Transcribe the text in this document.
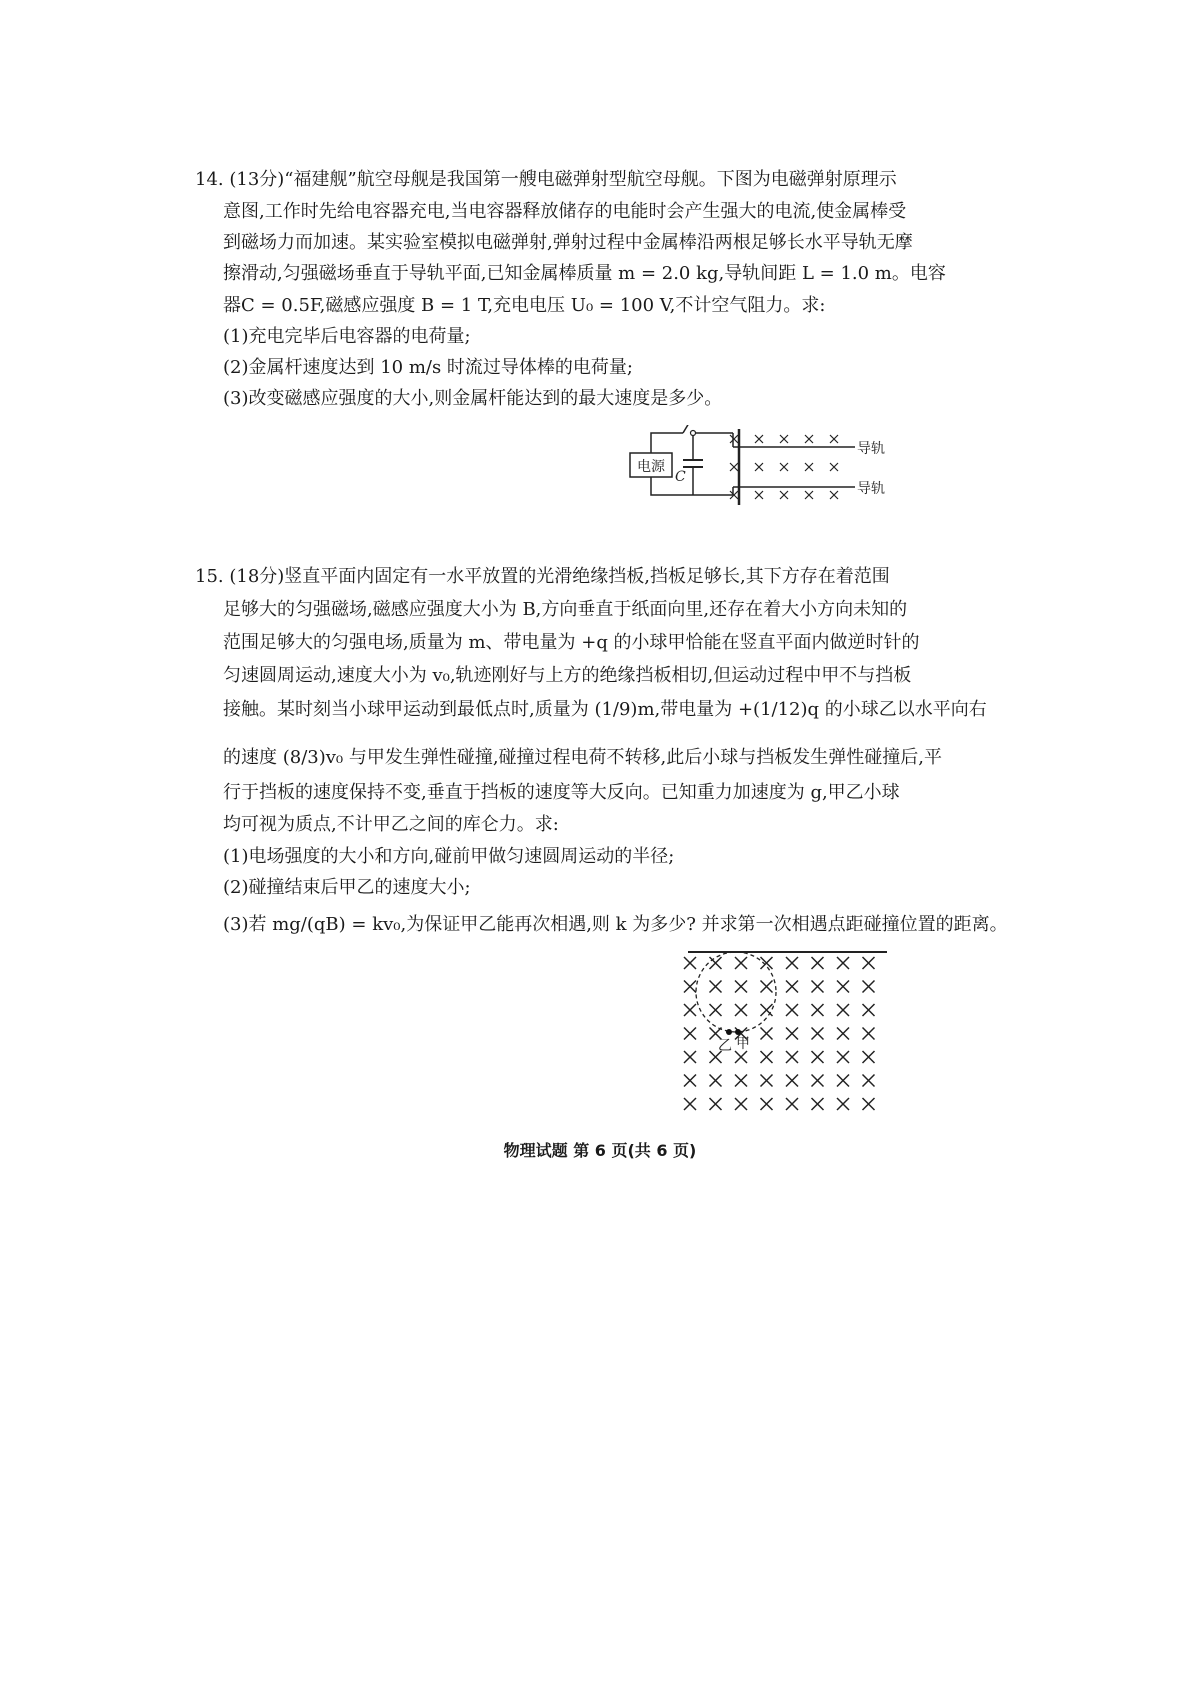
14. (13分)“福建舰”航空母舰是我国第一艘电磁弹射型航空母舰。下图为电磁弹射原理示
意图,工作时先给电容器充电,当电容器释放储存的电能时会产生强大的电流,使金属棒受
到磁场力而加速。某实验室模拟电磁弹射,弹射过程中金属棒沿两根足够长水平导轨无摩
擦滑动,匀强磁场垂直于导轨平面,已知金属棒质量 m = 2.0 kg,导轨间距 L = 1.0 m。电容
器C = 0.5F,磁感应强度 B = 1 T,充电电压 U₀ = 100 V,不计空气阻力。求:
(1)充电完毕后电容器的电荷量;
(2)金属杆速度达到 10 m/s 时流过导体棒的电荷量;
(3)改变磁感应强度的大小,则金属杆能达到的最大速度是多少。
电源
C
导轨
导轨
15. (18分)竖直平面内固定有一水平放置的光滑绝缘挡板,挡板足够长,其下方存在着范围
足够大的匀强磁场,磁感应强度大小为 B,方向垂直于纸面向里,还存在着大小方向未知的
范围足够大的匀强电场,质量为 m、带电量为 +q 的小球甲恰能在竖直平面内做逆时针的
匀速圆周运动,速度大小为 v₀,轨迹刚好与上方的绝缘挡板相切,但运动过程中甲不与挡板
接触。某时刻当小球甲运动到最低点时,质量为 (1/9)m,带电量为 +(1/12)q 的小球乙以水平向右
的速度 (8/3)v₀ 与甲发生弹性碰撞,碰撞过程电荷不转移,此后小球与挡板发生弹性碰撞后,平
行于挡板的速度保持不变,垂直于挡板的速度等大反向。已知重力加速度为 g,甲乙小球
均可视为质点,不计甲乙之间的库仑力。求:
(1)电场强度的大小和方向,碰前甲做匀速圆周运动的半径;
(2)碰撞结束后甲乙的速度大小;
(3)若 mg/(qB) = kv₀,为保证甲乙能再次相遇,则 k 为多少? 并求第一次相遇点距碰撞位置的距离。
乙 甲
物理试题 第 6 页(共 6 页)
